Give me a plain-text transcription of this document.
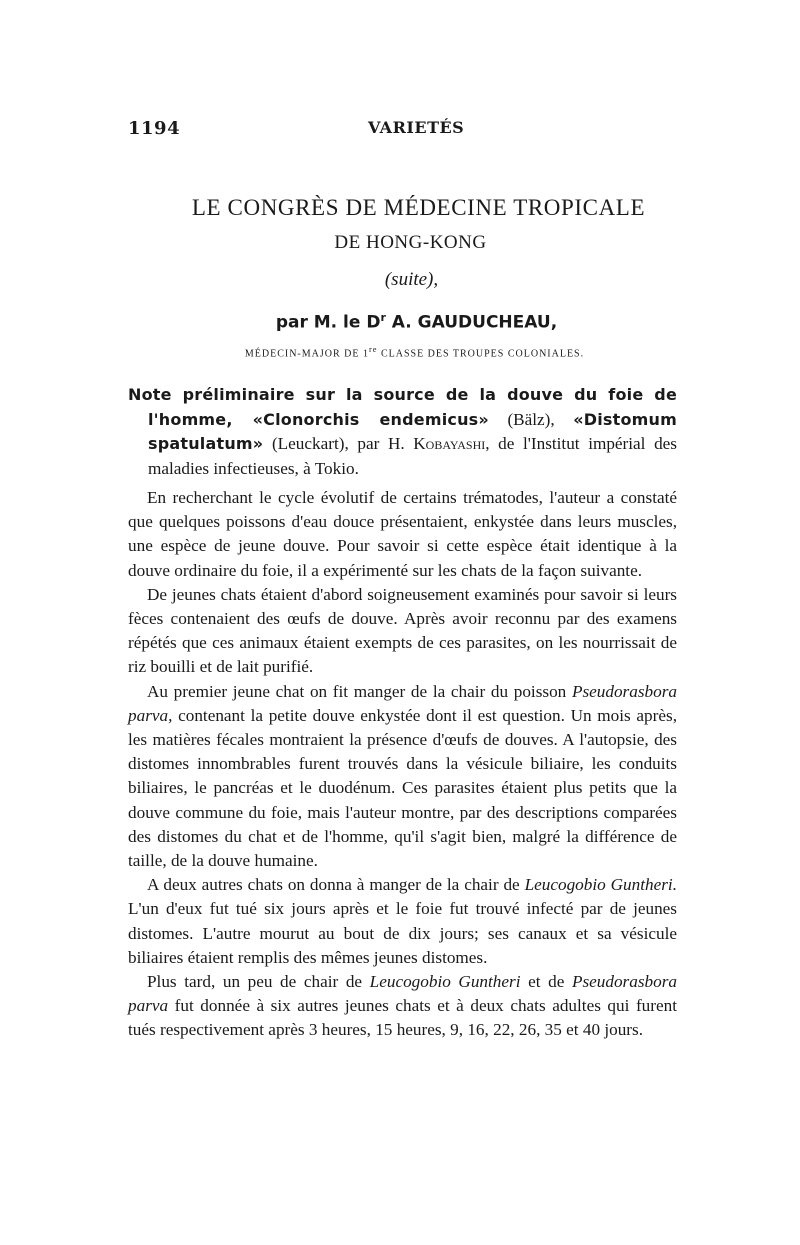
1194	VARIETÉS
LE CONGRÈS DE MÉDECINE TROPICALE
DE HONG-KONG
(suite),
par M. le $D^r$ A. GAUDUCHEAU,
MÉDECIN-MAJOR DE 1re CLASSE DES TROUPES COLONIALES.

Note préliminaire sur la source de la douve du foie de l'homme, «Clonorchis endemicus» (Bälz), «Distomum spatulatum» (Leuckart), par H. Kobayashi, de l'Institut impérial des maladies infectieuses, à Tokio.

En recherchant le cycle évolutif de certains trématodes, l'auteur a constaté que quelques poissons d'eau douce présentaient, enkystée dans leurs muscles, une espèce de jeune douve. Pour savoir si cette espèce était identique à la douve ordinaire du foie, il a expérimenté sur les chats de la façon suivante.

De jeunes chats étaient d'abord soigneusement examinés pour savoir si leurs fèces contenaient des œufs de douve. Après avoir reconnu par des examens répétés que ces animaux étaient exempts de ces parasites, on les nourrissait de riz bouilli et de lait purifié.

Au premier jeune chat on fit manger de la chair du poisson Pseudorasbora parva, contenant la petite douve enkystée dont il est question. Un mois après, les matières fécales montraient la présence d'œufs de douves. A l'autopsie, des distomes innombrables furent trouvés dans la vésicule biliaire, les conduits biliaires, le pancréas et le duodénum. Ces parasites étaient plus petits que la douve commune du foie, mais l'auteur montre, par des descriptions comparées des distomes du chat et de l'homme, qu'il s'agit bien, malgré la différence de taille, de la douve humaine.

A deux autres chats on donna à manger de la chair de Leucogobio Guntheri. L'un d'eux fut tué six jours après et le foie fut trouvé infecté par de jeunes distomes. L'autre mourut au bout de dix jours; ses canaux et sa vésicule biliaires étaient remplis des mêmes jeunes distomes.

Plus tard, un peu de chair de Leucogobio Guntheri et de Pseudorasbora parva fut donnée à six autres jeunes chats et à deux chats adultes qui furent tués respectivement après 3 heures, 15 heures, 9, 16, 22, 26, 35 et 40 jours.
